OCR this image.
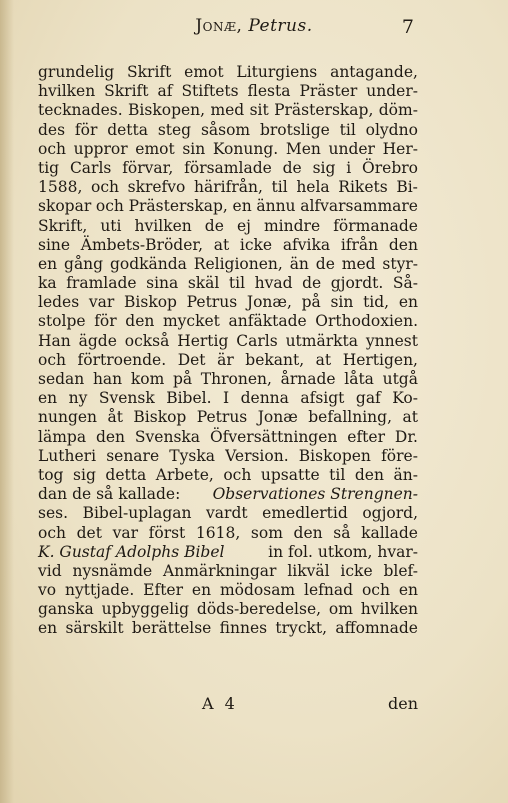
Jonæ, Petrus.	7
grundelig Skrift emot Liturgiens antagande,
hvilken Skrift af Stiftets flesta Präster under-
tecknades. Biskopen, med sit Prästerskap, döm-
des för detta steg såsom brotslige til olydno
och uppror emot sin Konung. Men under Her-
tig Carls förvar, församlade de sig i Örebro
1588, och skrefvo härifrån, til hela Rikets Bi-
skopar och Prästerskap, en ännu alfvarsammare
Skrift, uti hvilken de ej mindre förmanade
sine Ämbets-Bröder, at icke afvika ifrån den
en gång godkända Religionen, än de med styr-
ka framlade sina skäl til hvad de gjordt. Så-
ledes var Biskop Petrus Jonæ, på sin tid, en
stolpe för den mycket anfäktade Orthodoxien.
Han ägde också Hertig Carls utmärkta ynnest
och förtroende. Det är bekant, at Hertigen,
sedan han kom på Thronen, årnade låta utgå
en ny Svensk Bibel. I denna afsigt gaf Ko-
nungen åt Biskop Petrus Jonæ befallning, at
lämpa den Svenska Öfversättningen efter Dr.
Lutheri senare Tyska Version. Biskopen före-
tog sig detta Arbete, och upsatte til den än-
dan de så kallade: Observationes Strengnen-
ses. Bibel-uplagan vardt emedlertid ogjord,
och det var först 1618, som den så kallade
K. Gustaf Adolphs Bibel	in fol. utkom, hvar-
vid nysnämde Anmärkningar likväl icke blef-
vo nyttjade. Efter en mödosam lefnad och en
ganska upbyggelig döds-beredelse, om hvilken
en särskilt berättelse finnes tryckt, affomnade
A 4	den
